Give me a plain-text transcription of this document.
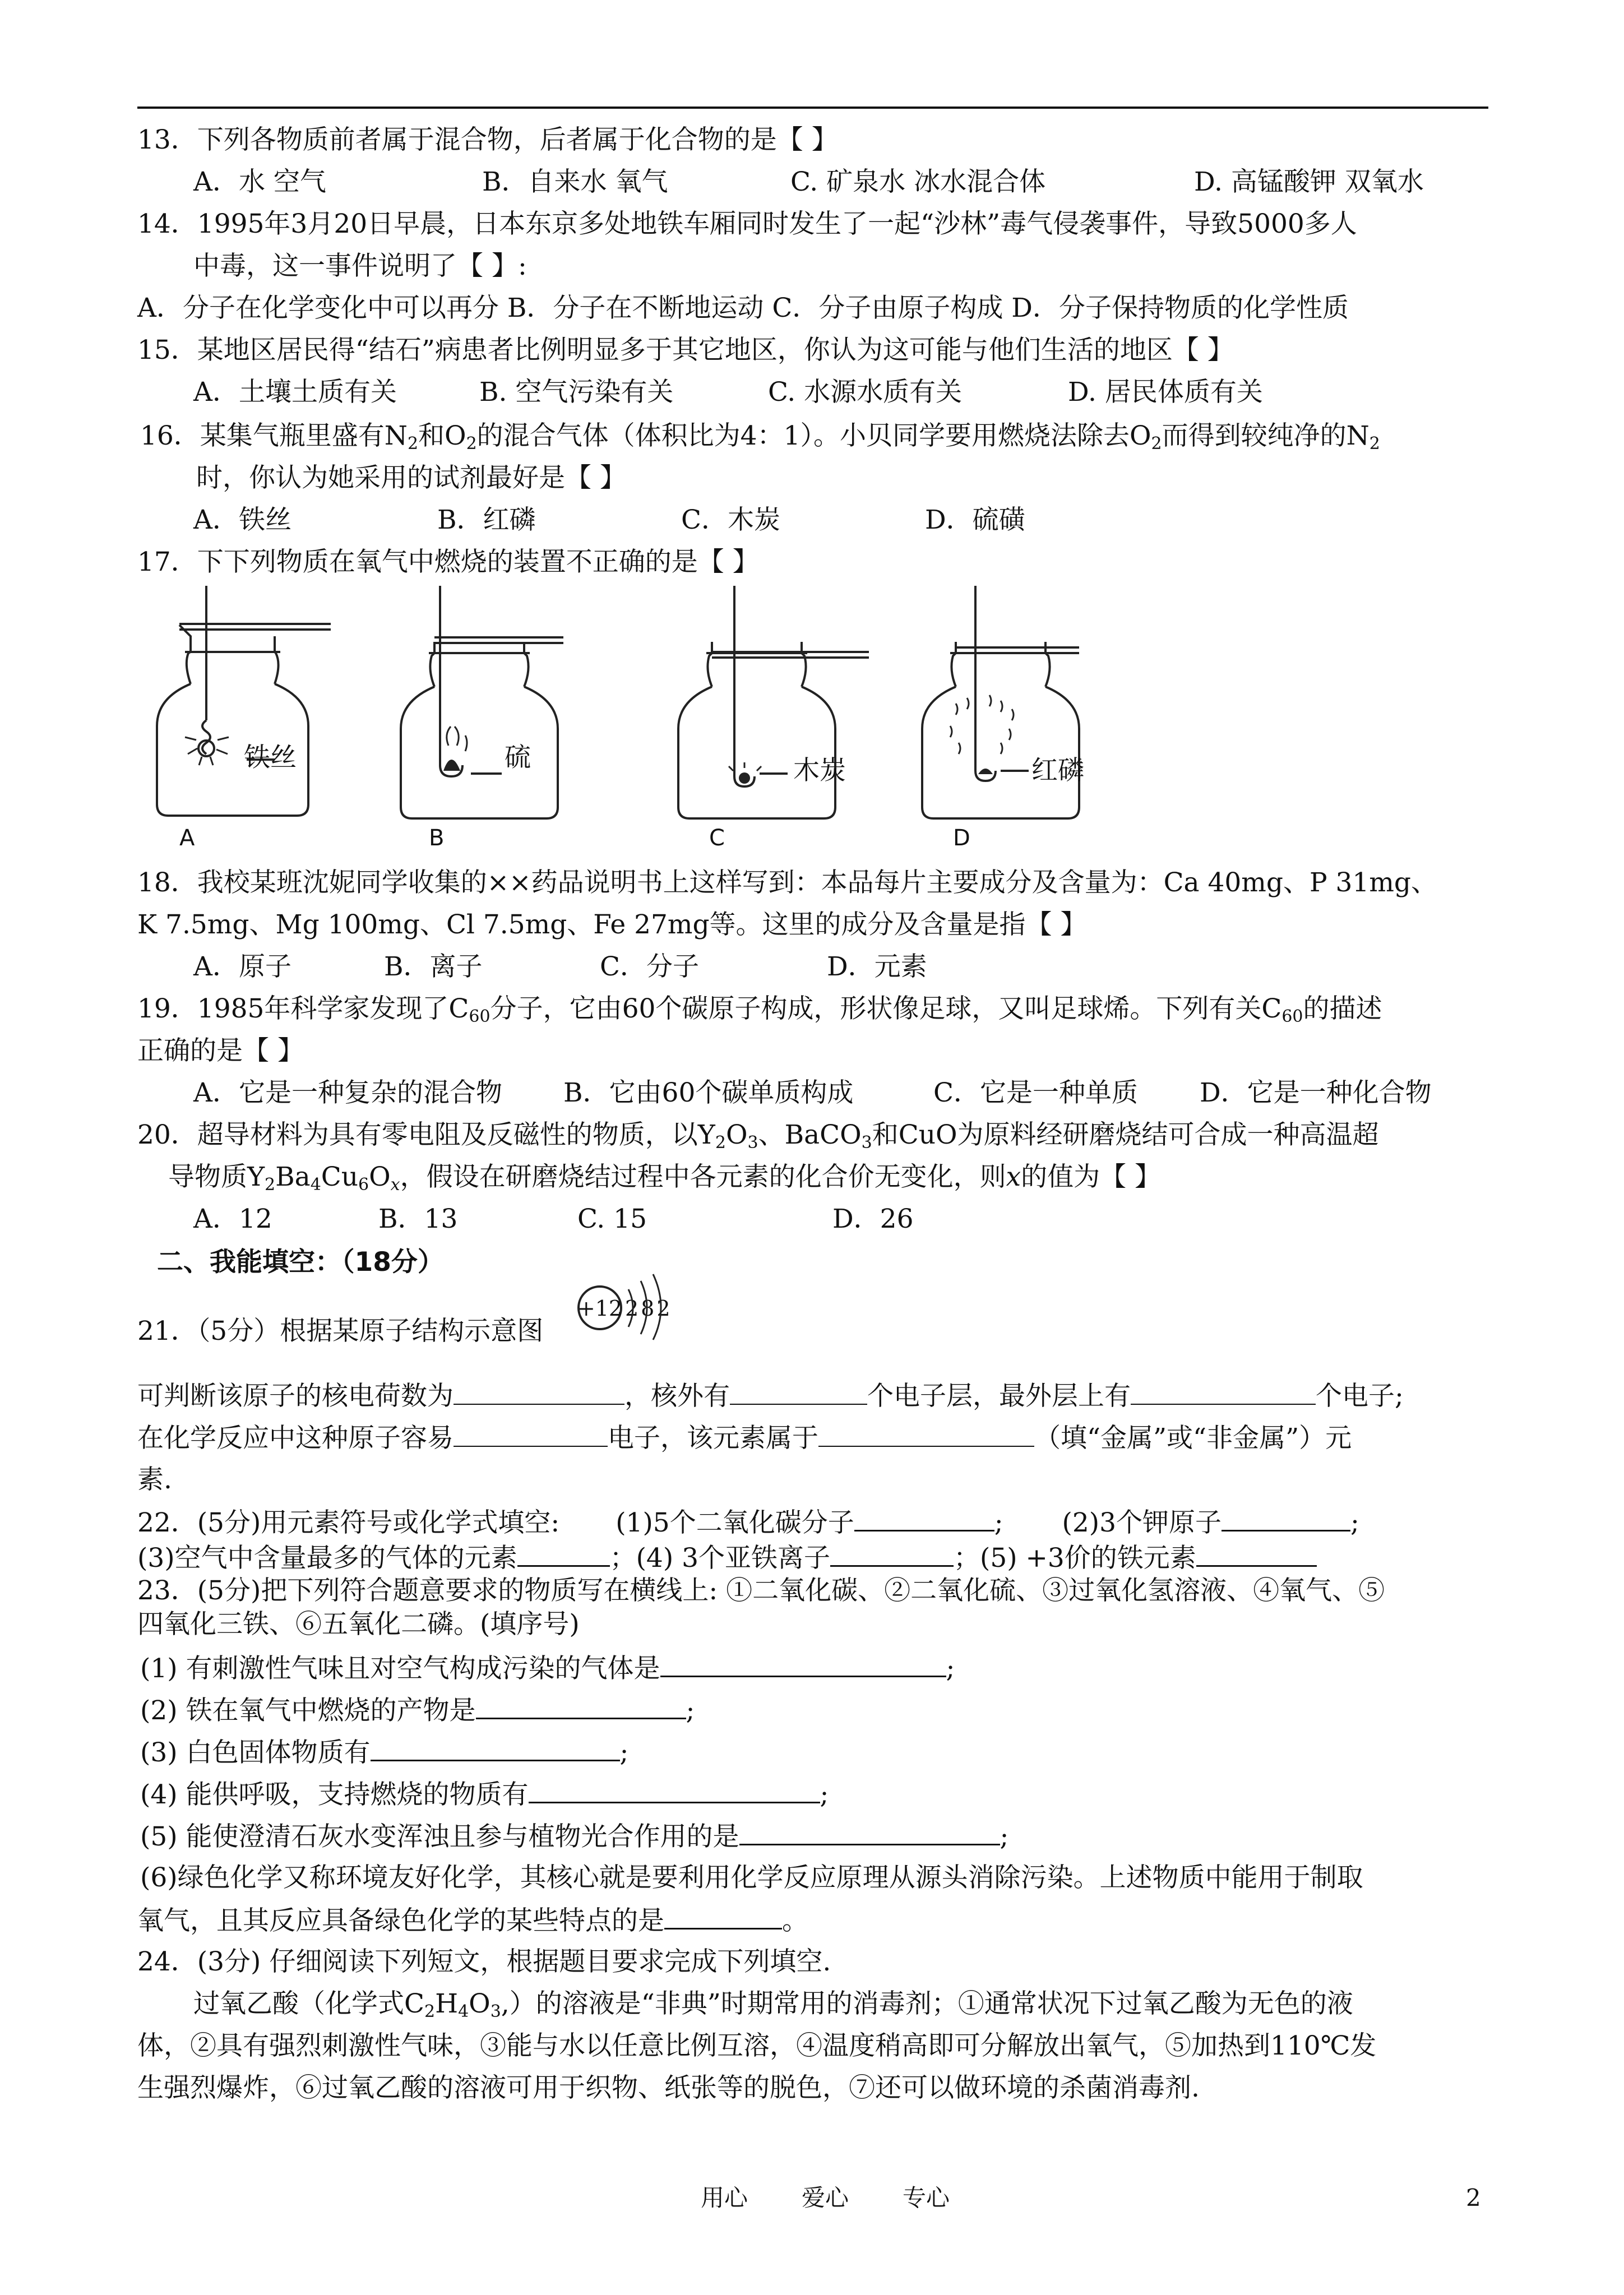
13．下列各物质前者属于混合物，后者属于化合物的是【 】
A．水 空气	B．自来水 氧气	C. 矿泉水 冰水混合体	D. 高锰酸钾 双氧水
14．1995年3月20日早晨，日本东京多处地铁车厢同时发生了一起“沙林”毒气侵袭事件，导致5000多人
中毒，这一事件说明了【 】:
A．分子在化学变化中可以再分 B．分子在不断地运动 C．分子由原子构成 D．分子保持物质的化学性质
15．某地区居民得“结石”病患者比例明显多于其它地区，你认为这可能与他们生活的地区【 】
A．土壤土质有关	B. 空气污染有关	C. 水源水质有关	D. 居民体质有关
16．某集气瓶里盛有$N_2$和$O_2$的混合气体（体积比为4：1）。小贝同学要用燃烧法除去$O_2$而得到较纯净的$N_2$
时，你认为她采用的试剂最好是【 】
A．铁丝	B．红磷	C．木炭	D．硫磺
17．下下列物质在氧气中燃烧的装置不正确的是【 】
铁丝
A
硫
B
木炭
C
红磷
D
18．我校某班沈妮同学收集的××药品说明书上这样写到：本品每片主要成分及含量为：Ca 40mg、P 31mg、
K 7.5mg、Mg 100mg、Cl 7.5mg、Fe 27mg等。这里的成分及含量是指【 】
A．原子	B．离子	C．分子	D．元素
19．1985年科学家发现了$C_{60}$分子，它由60个碳原子构成，形状像足球，又叫足球烯。下列有关$C_{60}$的描述
正确的是【 】
A．它是一种复杂的混合物 B．它由60个碳单质构成	C．它是一种单质 D．它是一种化合物
20．超导材料为具有零电阻及反磁性的物质，以$Y_2O_3$、BaCO$_3$和CuO为原料经研磨烧结可合成一种高温超
导物质$Y_2Ba_4Cu_6O_x$，假设在研磨烧结过程中各元素的化合价无变化，则x的值为【 】
A．12	B．13	C. 15	D．26
二、我能填空：（18分）
+12 282
21．（5分）根据某原子结构示意图
可判断该原子的核电荷数为	，核外有	个电子层，最外层上有	个电子;
在化学反应中这种原子容易	电子，该元素属于	（填“金属”或“非金属”）元
素.
22．(5分)用元素符号或化学式填空: (1)5个二氧化碳分子	; (2)3个钾原子	;
(3)空气中含量最多的气体的元素	；(4) 3个亚铁离子	；(5) +3价的铁元素
23．(5分)把下列符合题意要求的物质写在横线上: ①二氧化碳、②二氧化硫、③过氧化氢溶液、④氧气、⑤
四氧化三铁、⑥五氧化二磷。(填序号)
(1) 有刺激性气味且对空气构成污染的气体是	;
(2) 铁在氧气中燃烧的产物是	;
(3) 白色固体物质有	;
(4) 能供呼吸，支持燃烧的物质有	;
(5) 能使澄清石灰水变浑浊且参与植物光合作用的是	;
(6)绿色化学又称环境友好化学，其核心就是要利用化学反应原理从源头消除污染。上述物质中能用于制取
氧气，且其反应具备绿色化学的某些特点的是	。
24．(3分) 仔细阅读下列短文，根据题目要求完成下列填空.
过氧乙酸（化学式$C_2H_4O_3$,）的溶液是“非典”时期常用的消毒剂；①通常状况下过氧乙酸为无色的液
体，②具有强烈刺激性气味，③能与水以任意比例互溶，④温度稍高即可分解放出氧气，⑤加热到110℃发
生强烈爆炸，⑥过氧乙酸的溶液可用于织物、纸张等的脱色，⑦还可以做环境的杀菌消毒剂.
用心 爱心 专心	2
